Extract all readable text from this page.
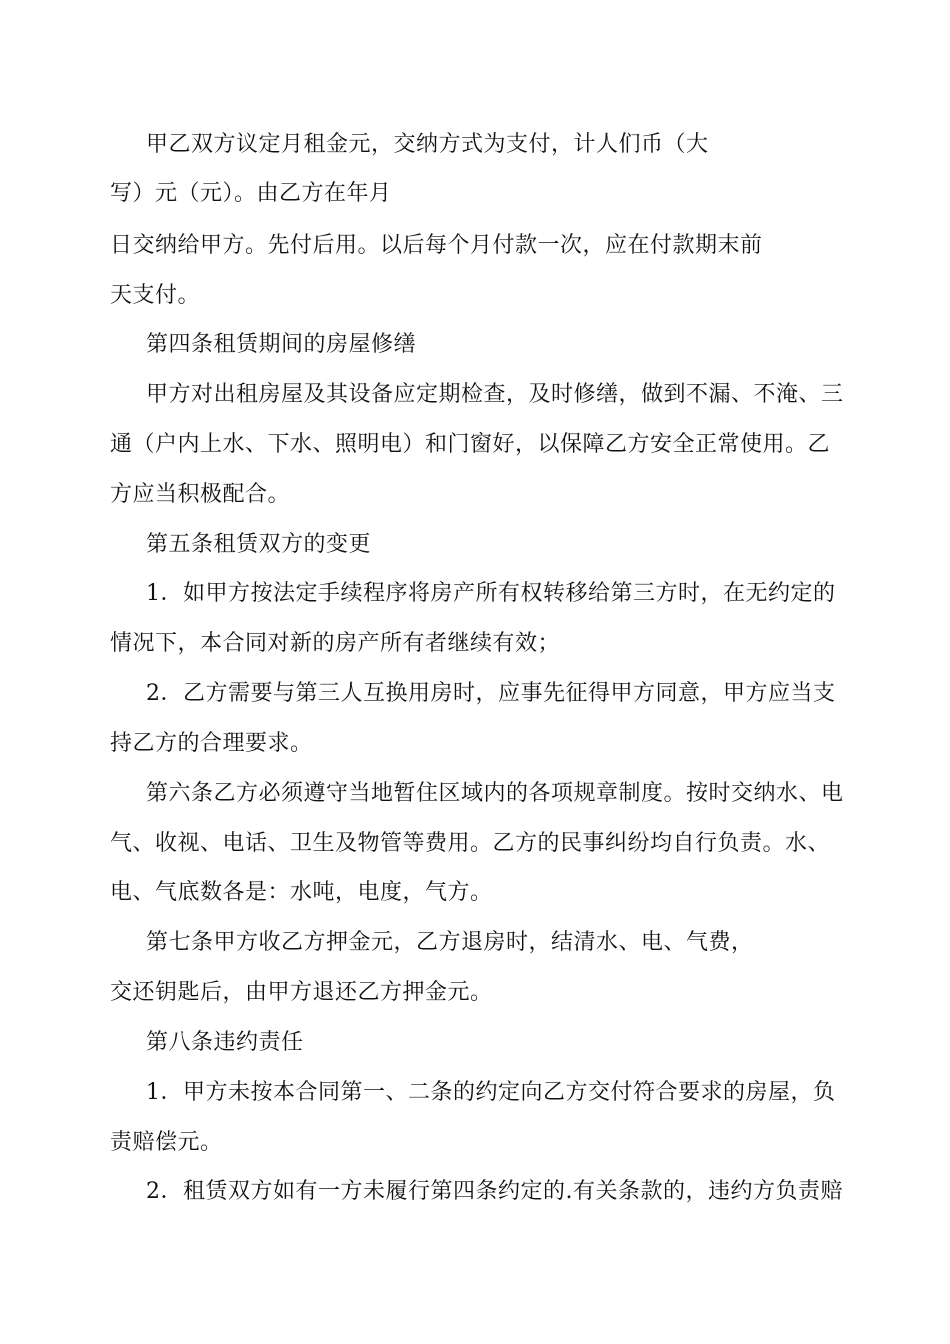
甲乙双方议定月租金元，交纳方式为支付，计人们币（大
写）元（元）。由乙方在年月
日交纳给甲方。先付后用。以后每个月付款一次，应在付款期末前
天支付。
第四条租赁期间的房屋修缮
甲方对出租房屋及其设备应定期检查，及时修缮，做到不漏、不淹、三
通（户内上水、下水、照明电）和门窗好，以保障乙方安全正常使用。乙
方应当积极配合。
第五条租赁双方的变更
1．如甲方按法定手续程序将房产所有权转移给第三方时，在无约定的
情况下，本合同对新的房产所有者继续有效；
2．乙方需要与第三人互换用房时，应事先征得甲方同意，甲方应当支
持乙方的合理要求。
第六条乙方必须遵守当地暂住区域内的各项规章制度。按时交纳水、电
气、收视、电话、卫生及物管等费用。乙方的民事纠纷均自行负责。水、
电、气底数各是：水吨，电度，气方。
第七条甲方收乙方押金元，乙方退房时，结清水、电、气费，
交还钥匙后，由甲方退还乙方押金元。
第八条违约责任
1．甲方未按本合同第一、二条的约定向乙方交付符合要求的房屋，负
责赔偿元。
2．租赁双方如有一方未履行第四条约定的.有关条款的，违约方负责赔
